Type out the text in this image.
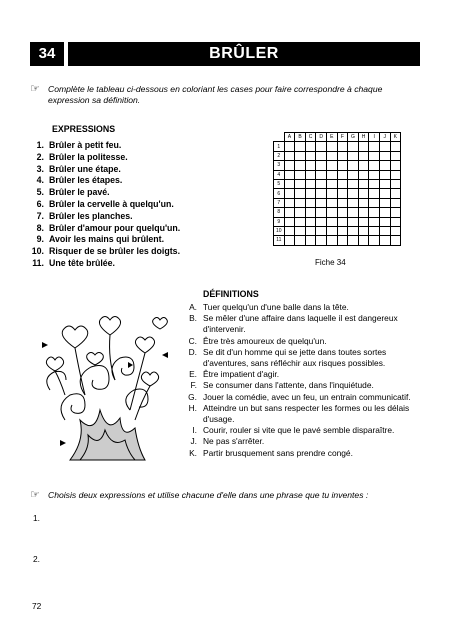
34	BRÛLER
☞ Complète le tableau ci-dessous en coloriant les cases pour faire correspondre à chaque expression sa définition.
EXPRESSIONS
1. Brûler à petit feu.
2. Brûler la politesse.
3. Brûler une étape.
4. Brûler les étapes.
5. Brûler le pavé.
6. Brûler la cervelle à quelqu'un.
7. Brûler les planches.
8. Brûler d'amour pour quelqu'un.
9. Avoir les mains qui brûlent.
10. Risquer de se brûler les doigts.
11. Une tête brûlée.
	A	B	C	D	E	F	G	H	I	J	K
1											
2											
3											
4											
5											
6											
7											
8											
9											
10											
11											
Fiche 34
DÉFINITIONS
A. Tuer quelqu'un d'une balle dans la tête.
B. Se mêler d'une affaire dans laquelle il est dangereux d'intervenir.
C. Être très amoureux de quelqu'un.
D. Se dit d'un homme qui se jette dans toutes sortes d'aventures, sans réfléchir aux risques possibles.
E. Être impatient d'agir.
F. Se consumer dans l'attente, dans l'inquiétude.
G. Jouer la comédie, avec un feu, un entrain communicatif.
H. Atteindre un but sans respecter les formes ou les délais d'usage.
I. Courir, rouler si vite que le pavé semble disparaître.
J. Ne pas s'arrêter.
K. Partir brusquement sans prendre congé.
☞ Choisis deux expressions et utilise chacune d'elle dans une phrase que tu inventes :
1.
2.
72
